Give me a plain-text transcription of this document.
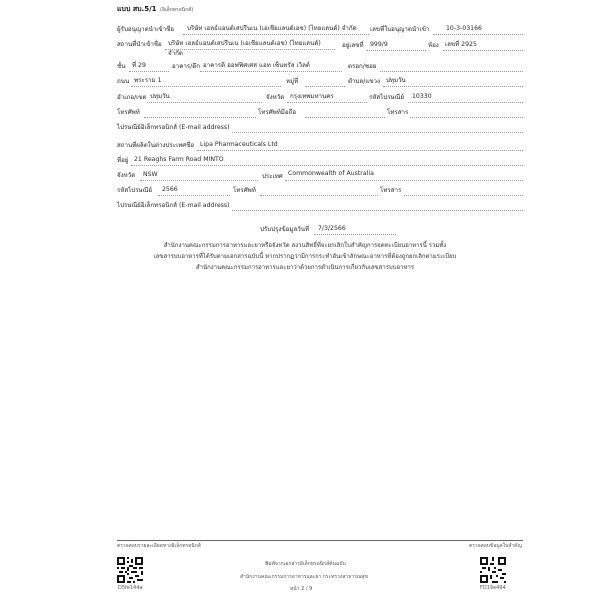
แบบ สบ.5/1 (อิเล็กทรอนิกส์)
ผู้รับอนุญาตนำเข้าชื่อ บริษัท เฮลธ์แอนด์เสปรีนเน (เอเชียแลนด์เอช) (ไทยแลนด์) จำกัด เลขที่ใบอนุญาตนำเข้า	10-3-03166
สถานที่นำเข้าชื่อ บริษัท เฮลธ์แอนด์เสปรีนเน (เอเชียแลนด์เอช) (ไทยแลนด์)
จำกัด
อยู่เลขที่ 999/9	ห้อง เลขที่ 2925
ชั้น ที่ 29	อาคาร/ตึก อาคารดิ ออฟฟิศเศส แอท เซ็นทรัล เวิลด์	ตรอก/ซอย
ถนน พระราม 1	หมู่ที่	ตำบล/แขวง ปทุมวัน
อำเภอ/เขต ปทุมวัน	จังหวัด กรุงเทพมหานคร	รหัสไปรษณีย์ 10330
โทรศัพท์	โทรศัพท์มือถือ	โทรสาร
ไปรษณีย์อิเล็กทรอนิกส์ (E-mail address)
สถานที่ผลิตในต่างประเทศชื่อ Lipa Pharmaceuticals Ltd
ที่อยู่ 21 Reaghs Farm Road MINTO
จังหวัด NSW	ประเทศ Commonwealth of Australia
รหัสไปรษณีย์ 2566	โทรศัพท์	โทรสาร
ไปรษณีย์อิเล็กทรอนิกส์ (E-mail address)
ปรับปรุงข้อมูลวันที่ 7/3/2566
สำนักงานคณะกรรมการอาหารและยาหรือจังหวัด สงวนสิทธิ์ที่จะยกเลิกใบสำคัญการจดทะเบียนอาหารนี้ รวมทั้ง
เลขสารบบอาหารที่ได้รับตามเอกสารฉบับนี้ หากปรากฏว่ามีการกระทำอันเข้าลักษณะอาหารที่ต้องถูกยกเลิกตามระเบียบ
สำนักงานคณะกรรมการอาหารและยาว่าด้วยการดำเนินการเกี่ยวกับเลขสารบบอาหาร
ตรวจสอบรายละเอียดทางอิเล็กทรอนิกส์	ตรวจสอบข้อมูลใบสำคัญ
D5fe144a	FD19e494
พิมพ์จากเอกสารอิเล็กทรอนิกส์ต้นฉบับ
สำนักงานคณะกรรมการอาหารและยา กระทรวงสาธารณสุข
หน้า 2 / 9
